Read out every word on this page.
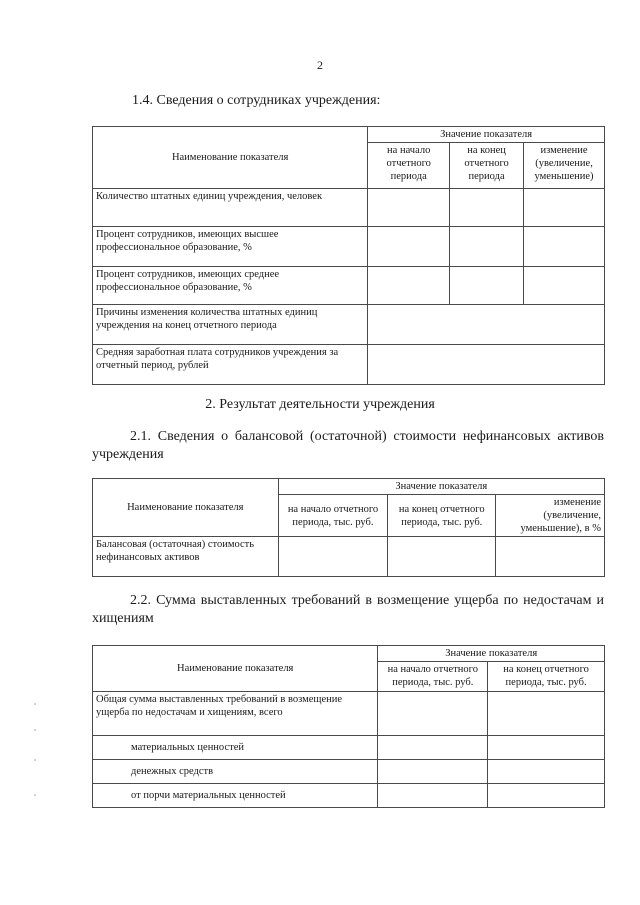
2
1.4. Сведения о сотрудниках учреждения:
Наименование показателя	Значение показателя		
	на начало отчетного периода	на конец отчетного периода	изменение (увеличение, уменьшение)
Количество штатных единиц учреждения, человек			
Процент сотрудников, имеющих высшее профессиональное образование, %			
Процент сотрудников, имеющих среднее профессиональное образование, %			
Причины изменения количества штатных единиц учреждения на конец отчетного периода			
Средняя заработная плата сотрудников учреждения за отчетный период, рублей			
2. Результат деятельности учреждения
2.1. Сведения о балансовой (остаточной) стоимости нефинансовых активов учреждения
Наименование показателя	Значение показателя		
	на начало отчетного периода, тыс. руб.	на конец отчетного периода, тыс. руб.	изменение (увеличение, уменьшение), в %
Балансовая (остаточная) стоимость нефинансовых активов			
2.2. Сумма выставленных требований в возмещение ущерба по недостачам и хищениям
Наименование показателя	Значение показателя	
	на начало отчетного периода, тыс. руб.	на конец отчетного периода, тыс. руб.
Общая сумма выставленных требований в возмещение ущерба по недостачам и хищениям, всего		
материальных ценностей		
денежных средств		
от порчи материальных ценностей		
